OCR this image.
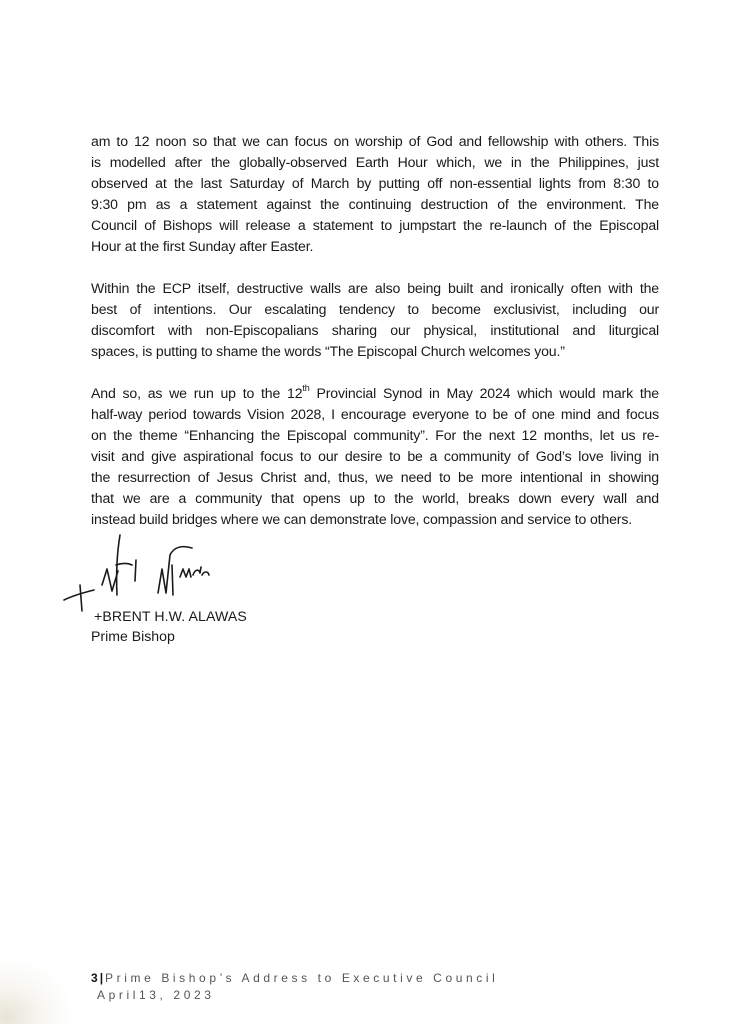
am to 12 noon so that we can focus on worship of God and fellowship with others. This
is modelled after the globally-observed Earth Hour which, we in the Philippines, just
observed at the last Saturday of March by putting off non-essential lights from 8:30 to
9:30 pm as a statement against the continuing destruction of the environment. The
Council of Bishops will release a statement to jumpstart the re-launch of the Episcopal
Hour at the first Sunday after Easter.

Within the ECP itself, destructive walls are also being built and ironically often with the
best of intentions. Our escalating tendency to become exclusivist, including our
discomfort with non-Episcopalians sharing our physical, institutional and liturgical
spaces, is putting to shame the words “The Episcopal Church welcomes you.”

And so, as we run up to the 12th Provincial Synod in May 2024 which would mark the
half-way period towards Vision 2028, I encourage everyone to be of one mind and focus
on the theme “Enhancing the Episcopal community”. For the next 12 months, let us re-
visit and give aspirational focus to our desire to be a community of God’s love living in
the resurrection of Jesus Christ and, thus, we need to be more intentional in showing
that we are a community that opens up to the world, breaks down every wall and
instead build bridges where we can demonstrate love, compassion and service to others.

+BRENT H.W. ALAWAS
Prime Bishop
3 |Prime Bishop’s Address to Executive Council
April13, 2023
